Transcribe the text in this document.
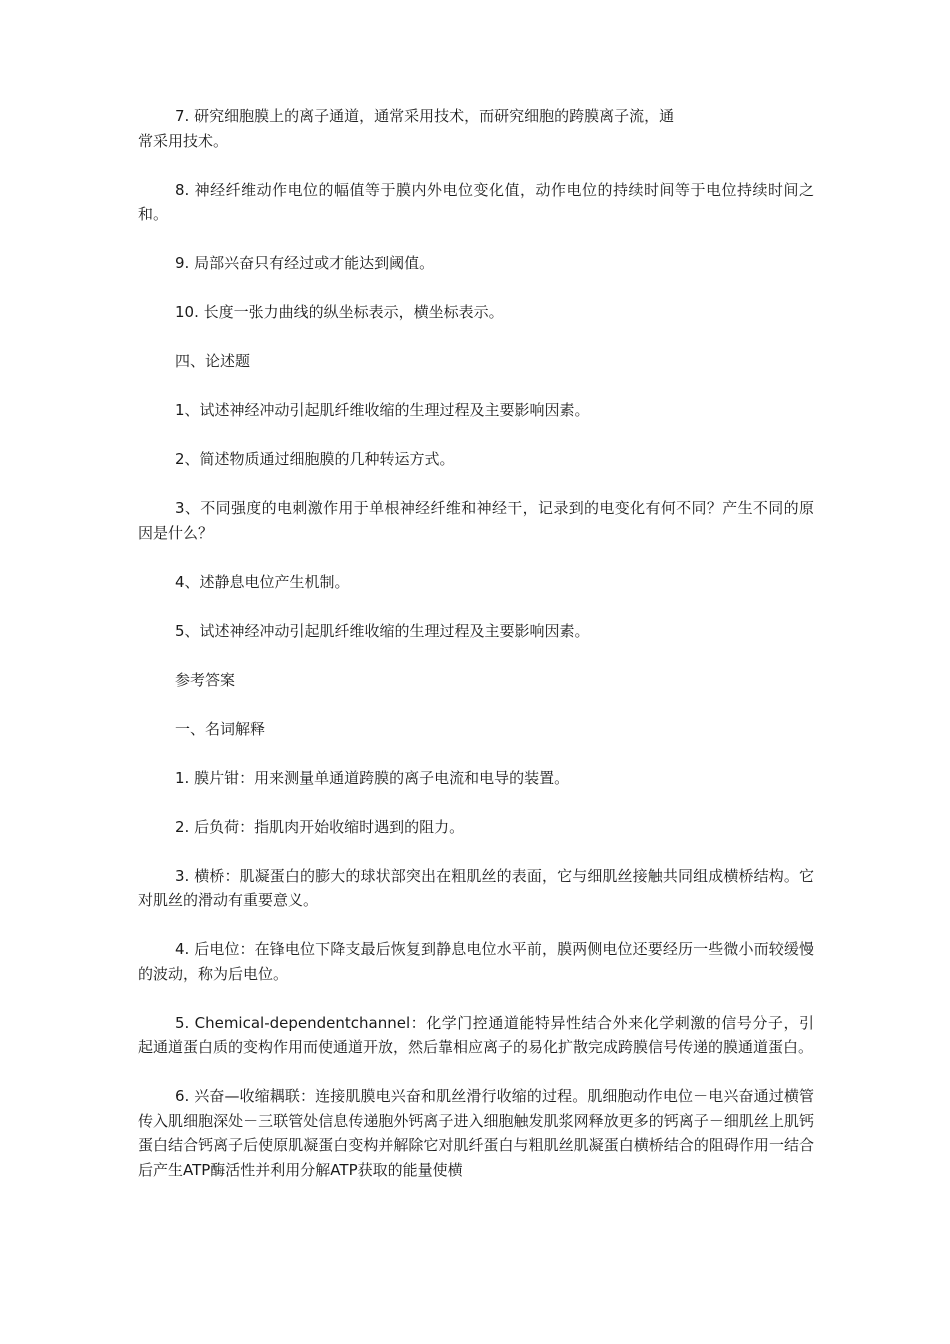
7. 研究细胞膜上的离子通道，通常采用技术，而研究细胞的跨膜离子流，通
常采用技术。

8. 神经纤维动作电位的幅值等于膜内外电位变化值，动作电位的持续时间等于电位持续时间之和。

9. 局部兴奋只有经过或才能达到阈值。

10. 长度一张力曲线的纵坐标表示，横坐标表示。

四、论述题

1、试述神经冲动引起肌纤维收缩的生理过程及主要影响因素。

2、简述物质通过细胞膜的几种转运方式。

3、不同强度的电刺激作用于单根神经纤维和神经干，记录到的电变化有何不同？产生不同的原因是什么？

4、述静息电位产生机制。

5、试述神经冲动引起肌纤维收缩的生理过程及主要影响因素。

参考答案

一、名词解释

1. 膜片钳：用来测量单通道跨膜的离子电流和电导的装置。

2. 后负荷：指肌肉开始收缩时遇到的阻力。

3. 横桥：肌凝蛋白的膨大的球状部突出在粗肌丝的表面，它与细肌丝接触共同组成横桥结构。它对肌丝的滑动有重要意义。

4. 后电位：在锋电位下降支最后恢复到静息电位水平前，膜两侧电位还要经历一些微小而较缓慢的波动，称为后电位。

5. Chemical-dependentchannel：化学门控通道能特异性结合外来化学刺激的信号分子，引起通道蛋白质的变构作用而使通道开放，然后靠相应离子的易化扩散完成跨膜信号传递的膜通道蛋白。

6. 兴奋—收缩耦联：连接肌膜电兴奋和肌丝滑行收缩的过程。肌细胞动作电位－电兴奋通过横管传入肌细胞深处－三联管处信息传递胞外钙离子进入细胞触发肌浆网释放更多的钙离子－细肌丝上肌钙蛋白结合钙离子后使原肌凝蛋白变构并解除它对肌纤蛋白与粗肌丝肌凝蛋白横桥结合的阻碍作用一结合后产生ATP酶活性并利用分解ATP获取的能量使横
